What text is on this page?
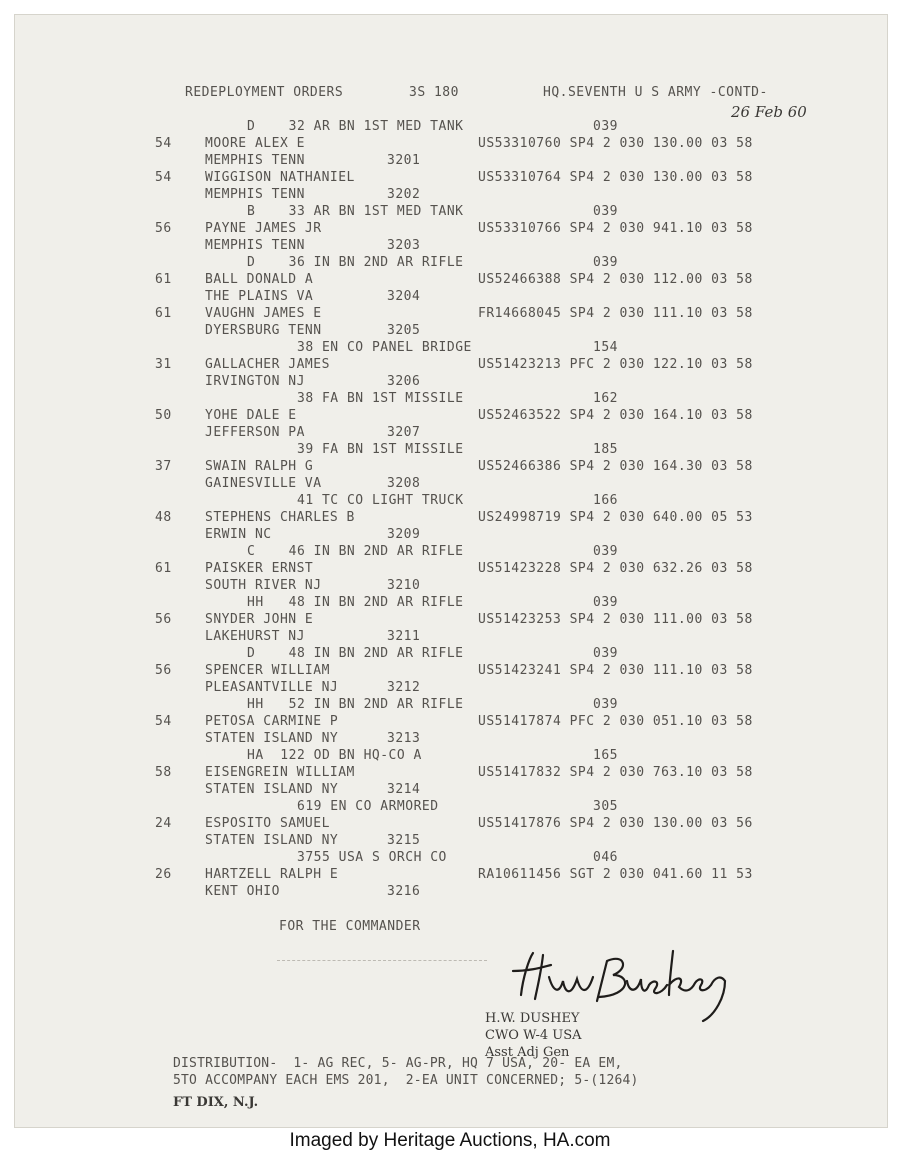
REDEPLOYMENT ORDERS	3S 180	HQ.SEVENTH U S ARMY -CONTD-
26 Feb 60
D    32 AR BN 1ST MED TANK	039
54	MOORE ALEX E	US53310760 SP4 2 030 130.00 03 58
MEMPHIS TENN	3201
54	WIGGISON NATHANIEL	US53310764 SP4 2 030 130.00 03 58
MEMPHIS TENN	3202
B    33 AR BN 1ST MED TANK	039
56	PAYNE JAMES JR	US53310766 SP4 2 030 941.10 03 58
MEMPHIS TENN	3203
D    36 IN BN 2ND AR RIFLE	039
61	BALL DONALD A	US52466388 SP4 2 030 112.00 03 58
THE PLAINS VA	3204
61	VAUGHN JAMES E	FR14668045 SP4 2 030 111.10 03 58
DYERSBURG TENN	3205
38 EN CO PANEL BRIDGE	154
31	GALLACHER JAMES	US51423213 PFC 2 030 122.10 03 58
IRVINGTON NJ	3206
38 FA BN 1ST MISSILE	162
50	YOHE DALE E	US52463522 SP4 2 030 164.10 03 58
JEFFERSON PA	3207
39 FA BN 1ST MISSILE	185
37	SWAIN RALPH G	US52466386 SP4 2 030 164.30 03 58
GAINESVILLE VA	3208
41 TC CO LIGHT TRUCK	166
48	STEPHENS CHARLES B	US24998719 SP4 2 030 640.00 05 53
ERWIN NC	3209
C    46 IN BN 2ND AR RIFLE	039
61	PAISKER ERNST	US51423228 SP4 2 030 632.26 03 58
SOUTH RIVER NJ	3210
HH   48 IN BN 2ND AR RIFLE	039
56	SNYDER JOHN E	US51423253 SP4 2 030 111.00 03 58
LAKEHURST NJ	3211
D    48 IN BN 2ND AR RIFLE	039
56	SPENCER WILLIAM	US51423241 SP4 2 030 111.10 03 58
PLEASANTVILLE NJ	3212
HH   52 IN BN 2ND AR RIFLE	039
54	PETOSA CARMINE P	US51417874 PFC 2 030 051.10 03 58
STATEN ISLAND NY	3213
HA  122 OD BN HQ-CO A	165
58	EISENGREIN WILLIAM	US51417832 SP4 2 030 763.10 03 58
STATEN ISLAND NY	3214
619 EN CO ARMORED	305
24	ESPOSITO SAMUEL	US51417876 SP4 2 030 130.00 03 56
STATEN ISLAND NY	3215
3755 USA S ORCH CO	046
26	HARTZELL RALPH E	RA10611456 SGT 2 030 041.60 11 53
KENT OHIO	3216
FOR THE COMMANDER
H.W. DUSHEY
CWO W-4 USA
Asst Adj Gen
DISTRIBUTION-  1- AG REC, 5- AG-PR, HQ 7 USA, 20- EA EM,
5TO ACCOMPANY EACH EMS 201,  2-EA UNIT CONCERNED; 5-(1264)
FT DIX, N.J.
Imaged by Heritage Auctions, HA.com
